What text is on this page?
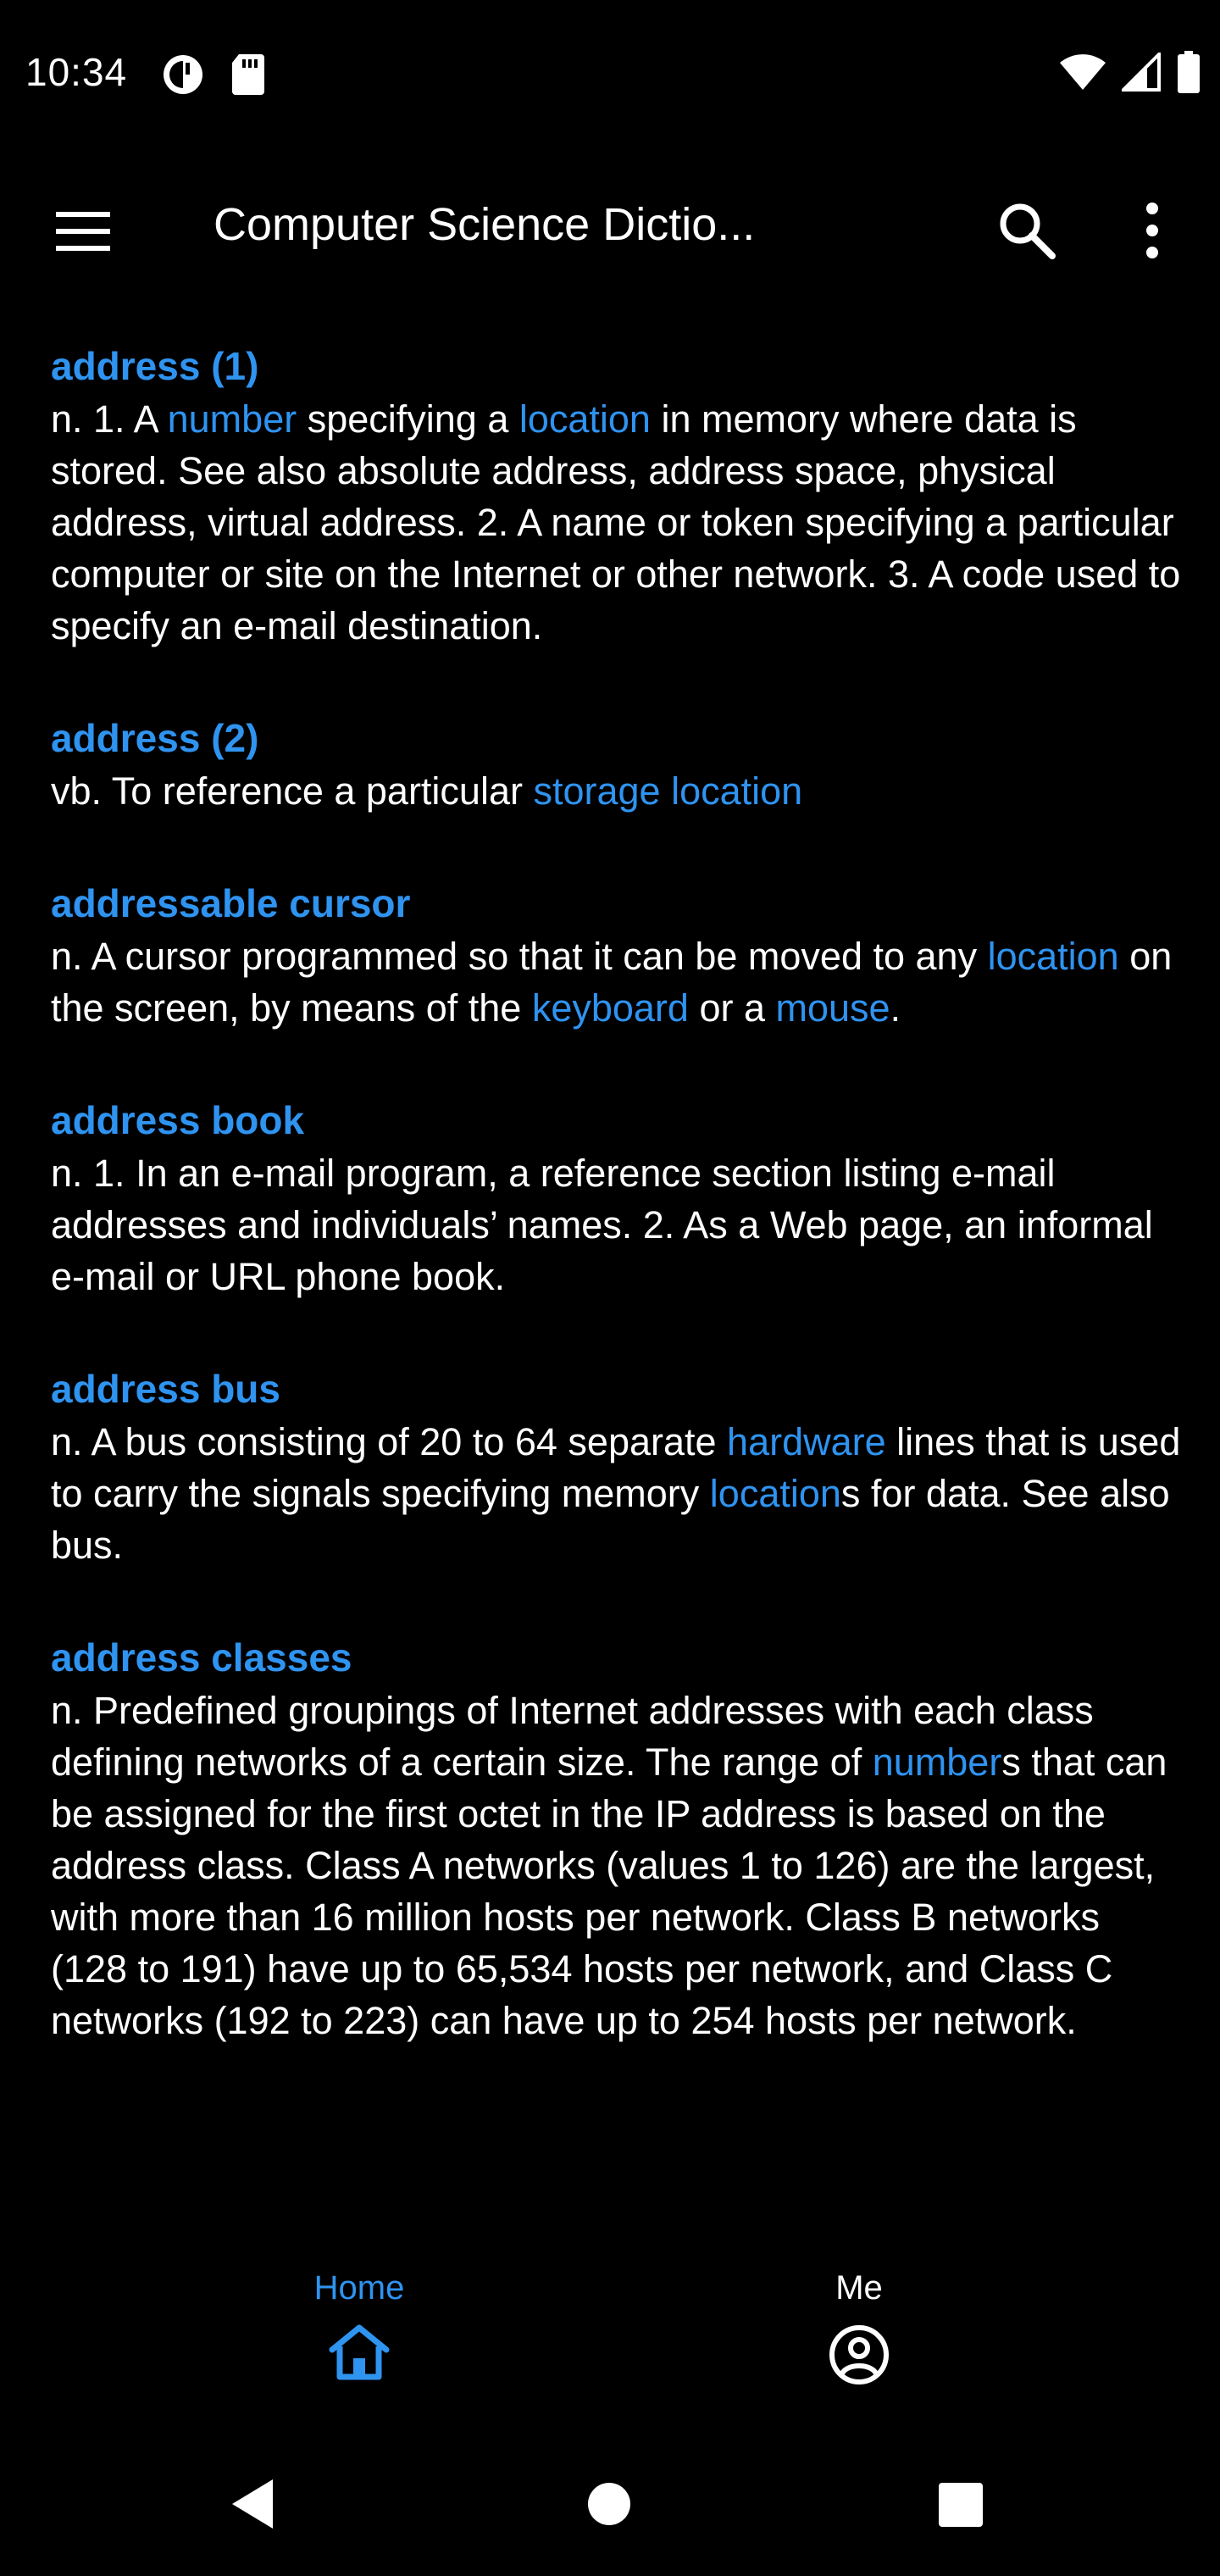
10:34
Computer Science Dictio...

address (1)

n. 1. A number specifying a location in memory where data is stored. See also absolute address, address space, physical address, virtual address. 2. A name or token specifying a particular computer or site on the Internet or other network. 3. A code used to specify an e-mail destination.

address (2)

vb. To reference a particular storage location

addressable cursor

n. A cursor programmed so that it can be moved to any location on the screen, by means of the keyboard or a mouse.

address book

n. 1. In an e-mail program, a reference section listing e-mail addresses and individuals’ names. 2. As a Web page, an informal e-mail or URL phone book.

address bus

n. A bus consisting of 20 to 64 separate hardware lines that is used to carry the signals specifying memory locations for data. See also bus.

address classes

n. Predefined groupings of Internet addresses with each class defining networks of a certain size. The range of numbers that can be assigned for the first octet in the IP address is based on the address class. Class A networks (values 1 to 126) are the largest, with more than 16 million hosts per network. Class B networks (128 to 191) have up to 65,534 hosts per network, and Class C networks (192 to 223) can have up to 254 hosts per network.

Home	Me
